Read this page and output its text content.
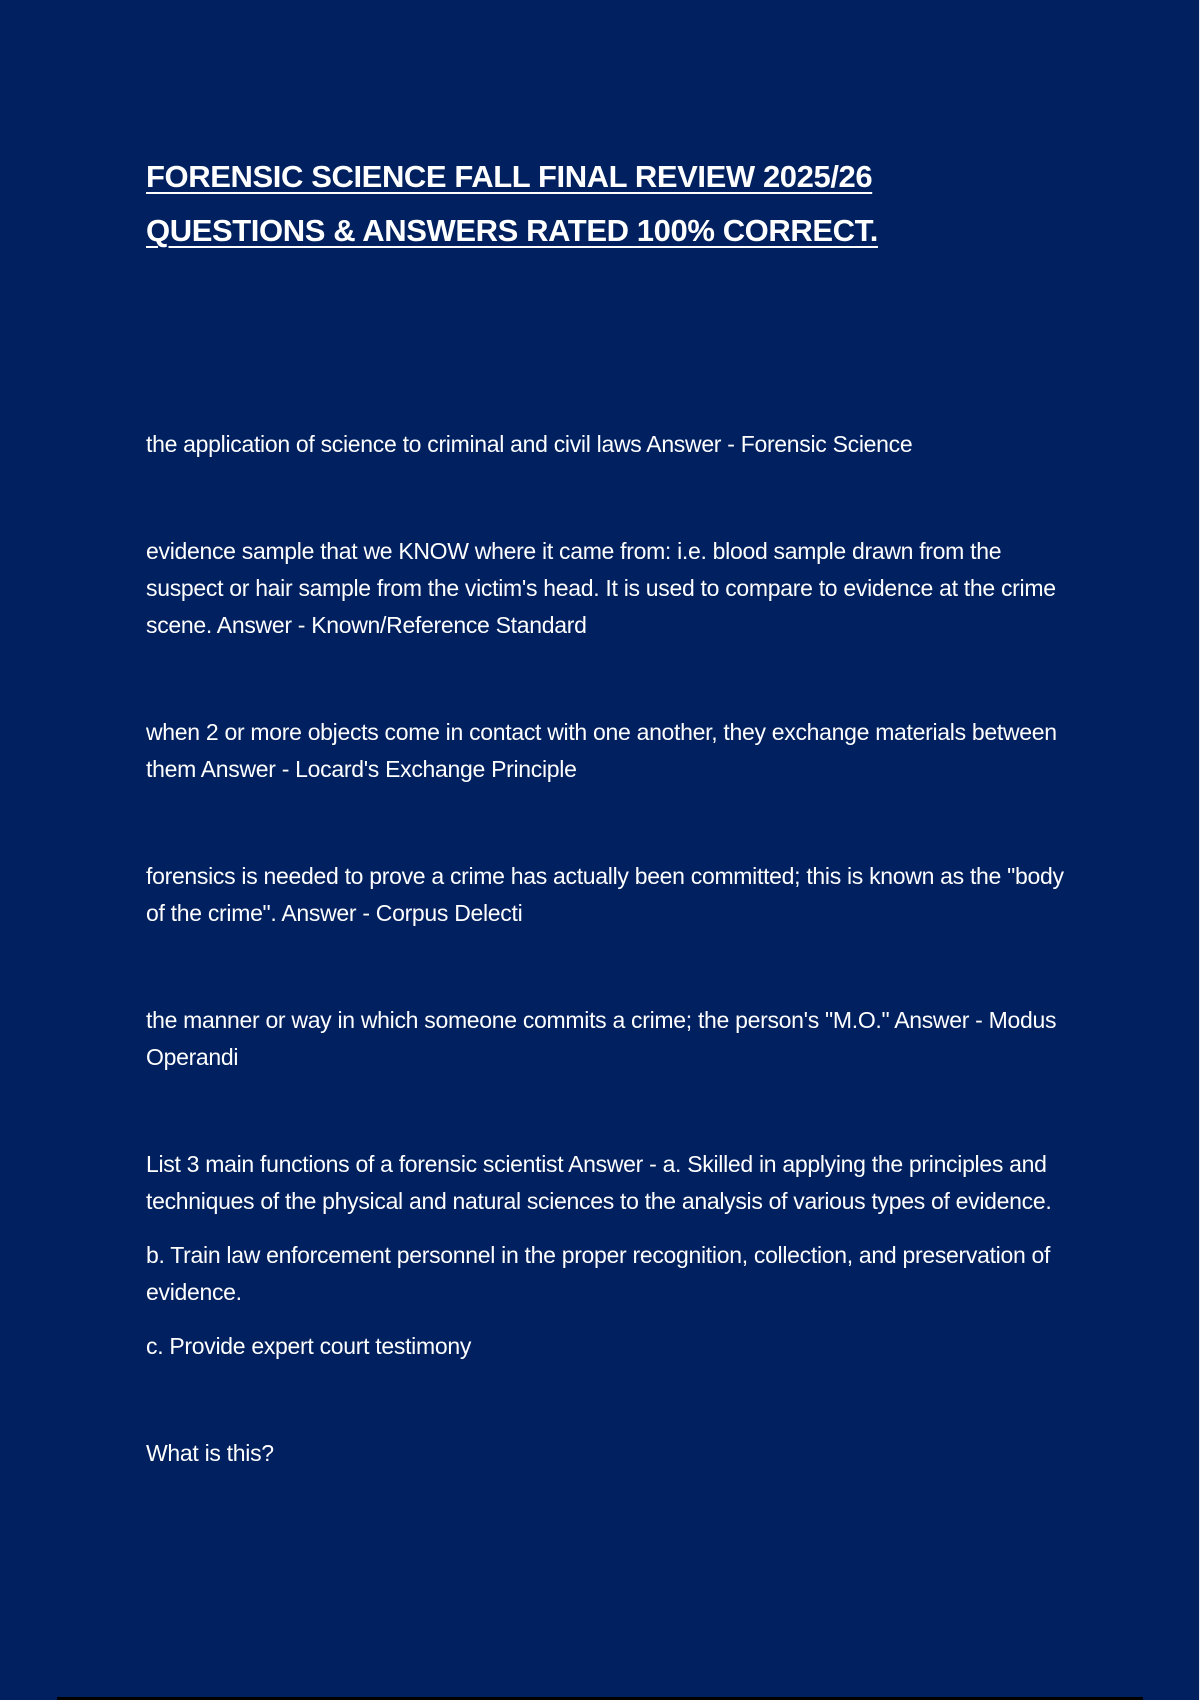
FORENSIC SCIENCE FALL FINAL REVIEW 2025/26
QUESTIONS & ANSWERS RATED 100% CORRECT.

the application of science to criminal and civil laws Answer - Forensic Science

evidence sample that we KNOW where it came from: i.e. blood sample drawn from the suspect or hair sample from the victim's head. It is used to compare to evidence at the crime scene. Answer - Known/Reference Standard

when 2 or more objects come in contact with one another, they exchange materials between them Answer - Locard's Exchange Principle

forensics is needed to prove a crime has actually been committed; this is known as the "body of the crime". Answer - Corpus Delecti

the manner or way in which someone commits a crime; the person's "M.O." Answer - Modus Operandi

List 3 main functions of a forensic scientist Answer - a. Skilled in applying the principles and techniques of the physical and natural sciences to the analysis of various types of evidence.

b. Train law enforcement personnel in the proper recognition, collection, and preservation of evidence.

c. Provide expert court testimony

What is this?
